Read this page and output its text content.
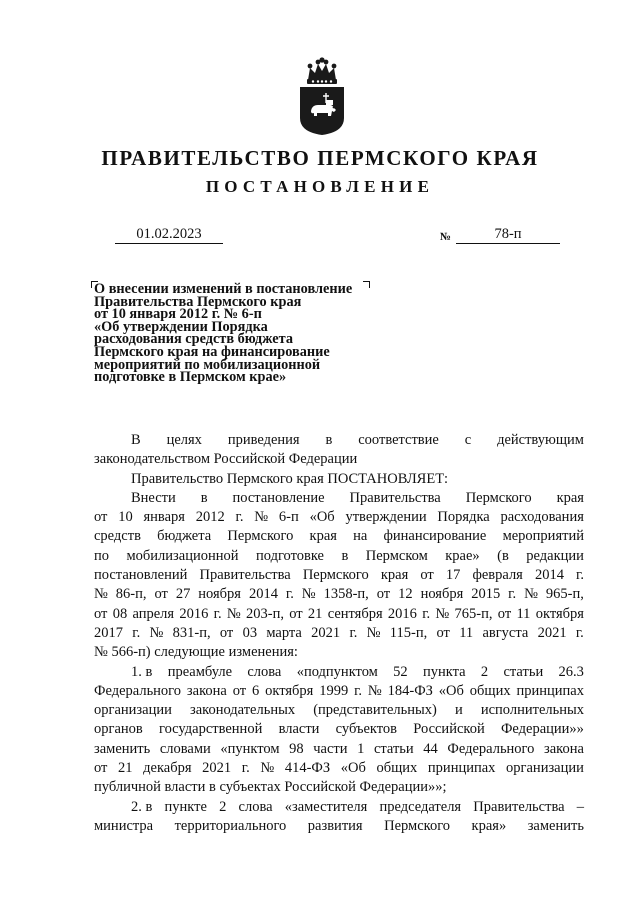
ПРАВИТЕЛЬСТВО ПЕРМСКОГО КРАЯ
ПОСТАНОВЛЕНИЕ
01.02.2023	№	78-п
О внесении изменений в постановление
Правительства Пермского края
от 10 января 2012 г. № 6-п
«Об утверждении Порядка
расходования средств бюджета
Пермского края на финансирование
мероприятий по мобилизационной
подготовке в Пермском крае»
В целях приведения в соответствие с действующим
законодательством Российской Федерации
Правительство Пермского края ПОСТАНОВЛЯЕТ:
Внести в постановление Правительства Пермского края
от 10 января 2012 г. № 6-п «Об утверждении Порядка расходования
средств бюджета Пермского края на финансирование мероприятий
по мобилизационной подготовке в Пермском крае» (в редакции
постановлений Правительства Пермского края от 17 февраля 2014 г.
№ 86-п, от 27 ноября 2014 г. № 1358-п, от 12 ноября 2015 г. № 965-п,
от 08 апреля 2016 г. № 203-п, от 21 сентября 2016 г. № 765-п, от 11 октября
2017 г. № 831-п, от 03 марта 2021 г. № 115-п, от 11 августа 2021 г.
№ 566-п) следующие изменения:
1. в преамбуле слова «подпунктом 52 пункта 2 статьи 26.3
Федерального закона от 6 октября 1999 г. № 184-ФЗ «Об общих принципах
организации законодательных (представительных) и исполнительных
органов государственной власти субъектов Российской Федерации»»
заменить словами «пунктом 98 части 1 статьи 44 Федерального закона
от 21 декабря 2021 г. № 414-ФЗ «Об общих принципах организации
публичной власти в субъектах Российской Федерации»»;
2. в пункте 2 слова «заместителя председателя Правительства –
министра территориального развития Пермского края» заменить
